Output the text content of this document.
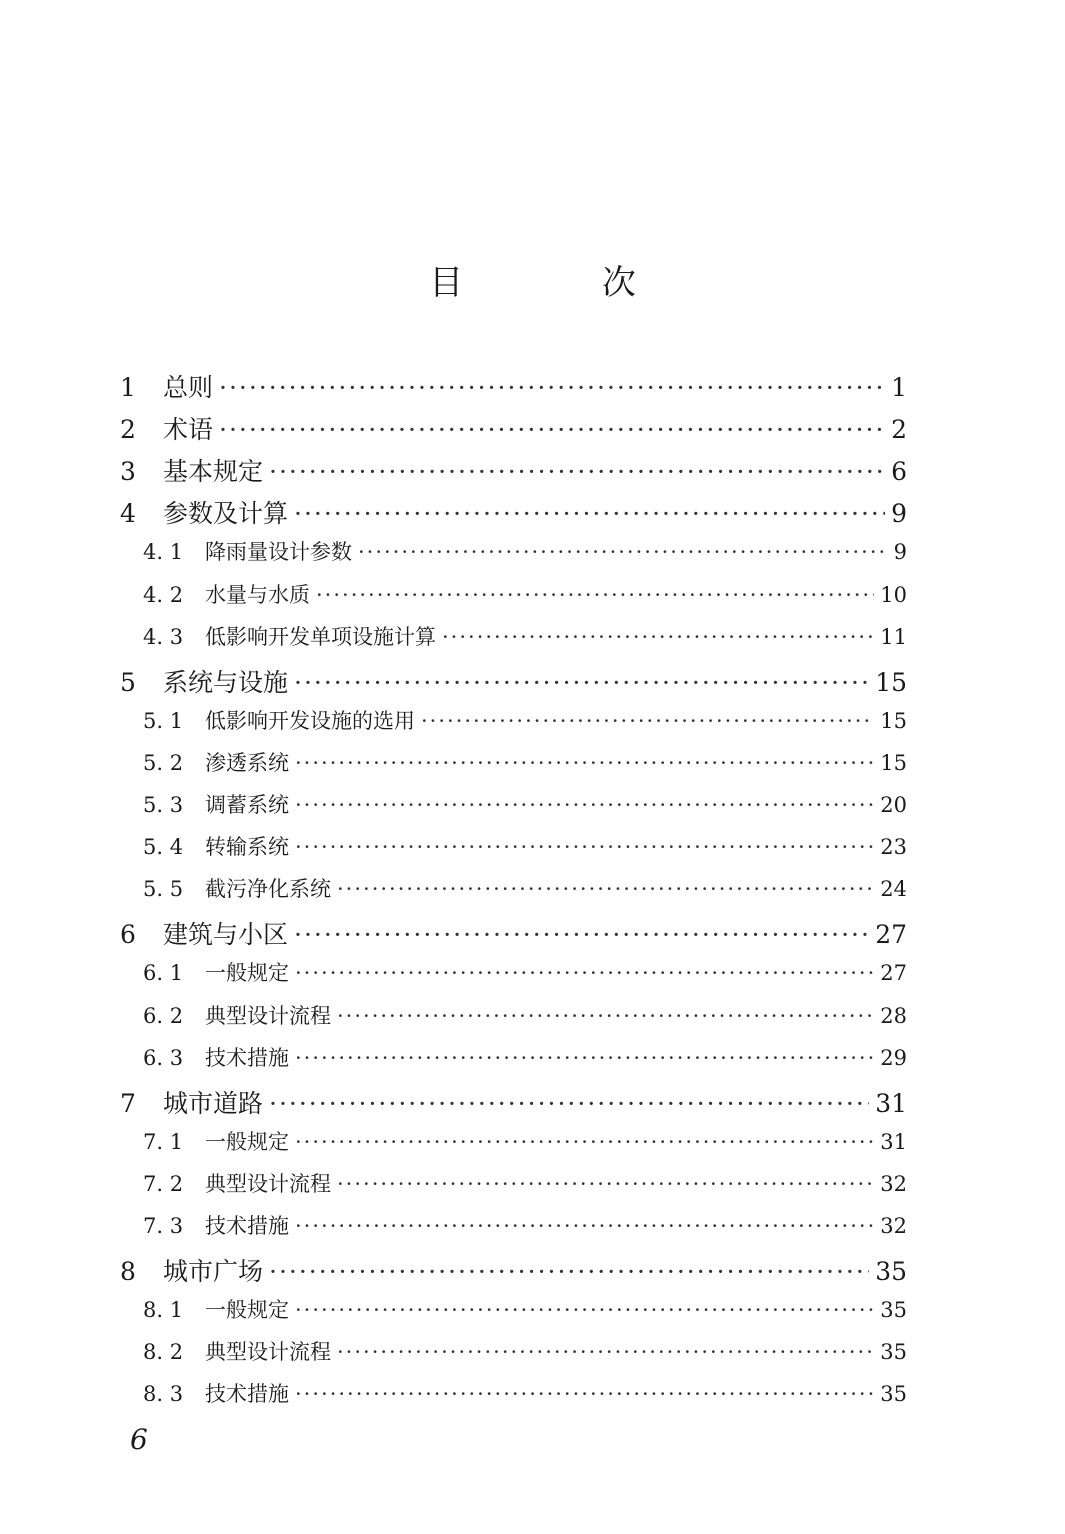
目 次
1	总则 ·····	1
2	术语 ·····	2
3	基本规定 ·····	6
4	参数及计算 ·····	9
4. 1	降雨量设计参数 ·····	9
4. 2	水量与水质 ·····	10
4. 3	低影响开发单项设施计算 ·····	11
5	系统与设施 ·····	15
5. 1	低影响开发设施的选用 ·····	15
5. 2	渗透系统 ·····	15
5. 3	调蓄系统 ·····	20
5. 4	转输系统 ·····	23
5. 5	截污净化系统 ·····	24
6	建筑与小区 ·····	27
6. 1	一般规定 ·····	27
6. 2	典型设计流程 ·····	28
6. 3	技术措施 ·····	29
7	城市道路 ·····	31
7. 1	一般规定 ·····	31
7. 2	典型设计流程 ·····	32
7. 3	技术措施 ·····	32
8	城市广场 ·····	35
8. 1	一般规定 ·····	35
8. 2	典型设计流程 ·····	35
8. 3	技术措施 ·····	35
6
